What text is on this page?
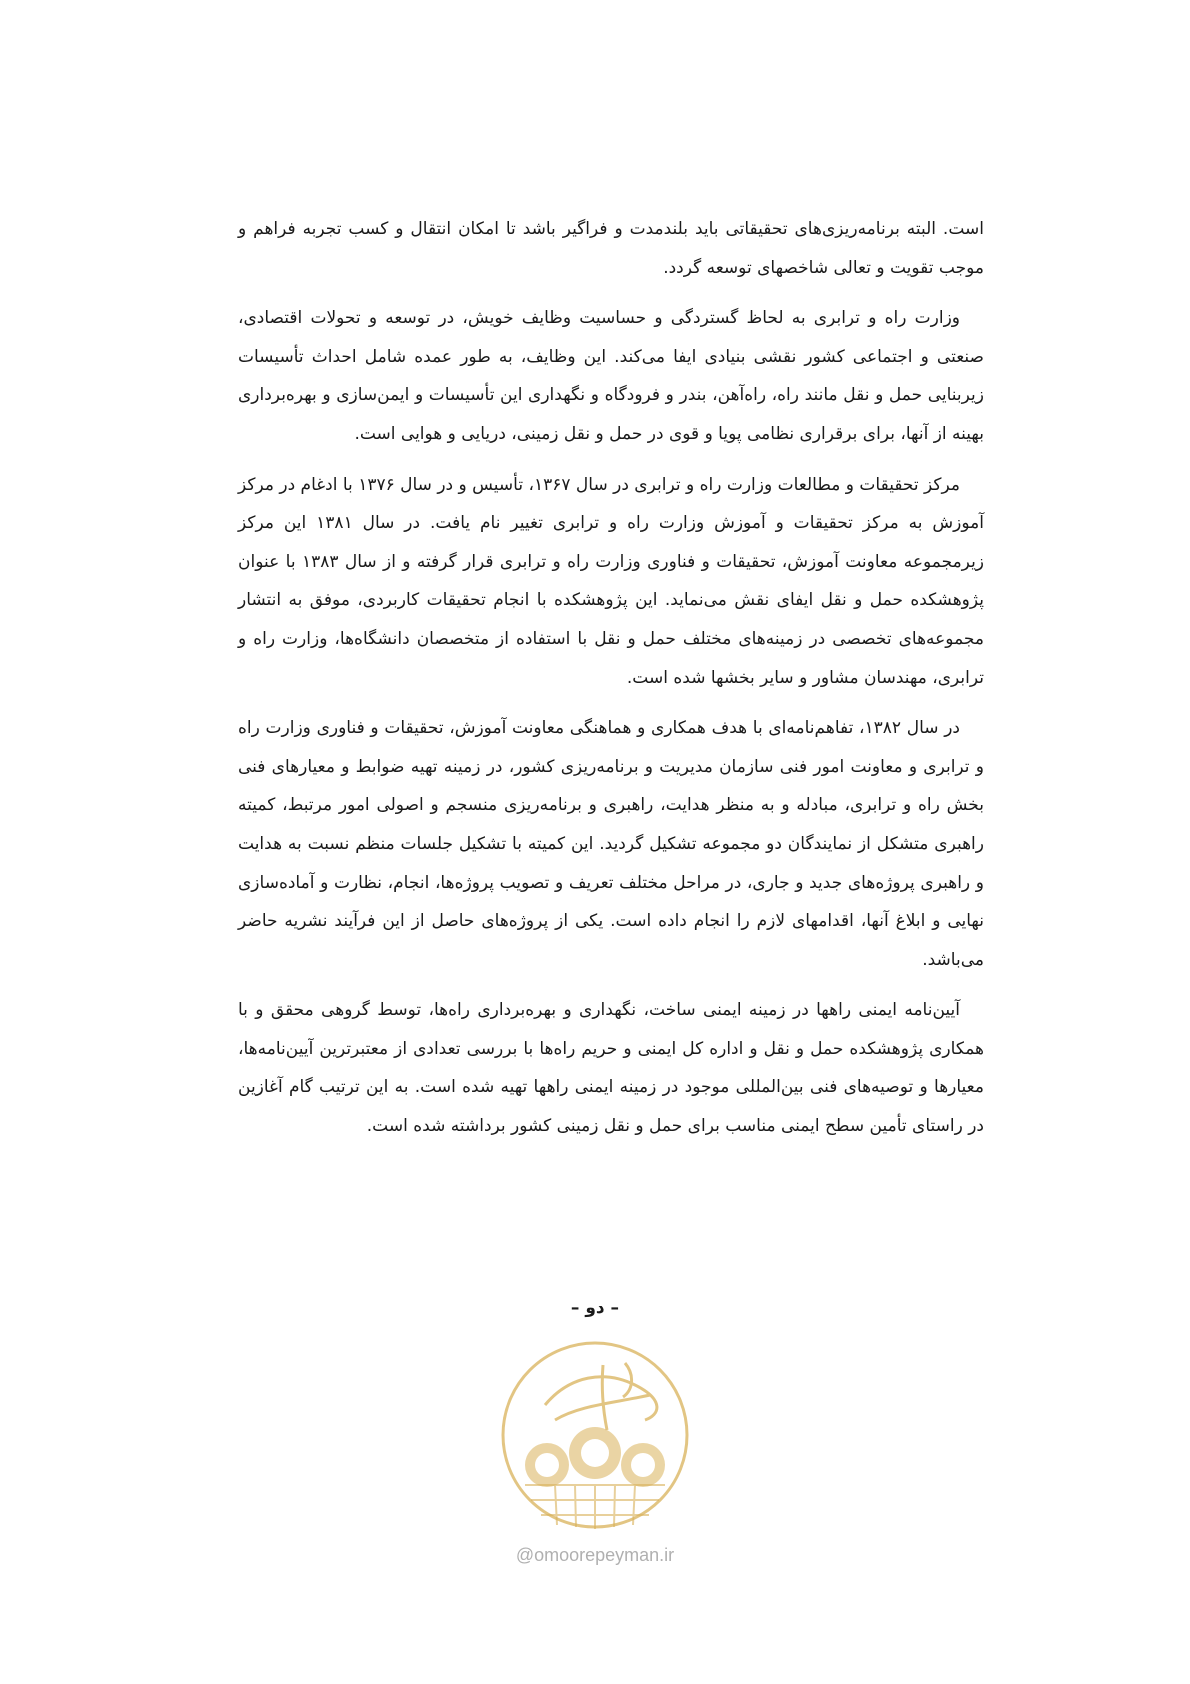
است. البته برنامه‌ریزی‌های تحقیقاتی باید بلندمدت و فراگیر باشد تا امکان انتقال و کسب تجربه فراهم و موجب تقویت و تعالی شاخصهای توسعه گردد.

وزارت راه و ترابری به لحاظ گستردگی و حساسیت وظایف خویش، در توسعه و تحولات اقتصادی، صنعتی و اجتماعی کشور نقشی بنیادی ایفا می‌کند. این وظایف، به طور عمده شامل احداث تأسیسات زیربنایی حمل و نقل مانند راه، راه‌آهن، بندر و فرودگاه و نگهداری این تأسیسات و ایمن‌سازی و بهره‌برداری بهینه از آنها، برای برقراری نظامی پویا و قوی در حمل و نقل زمینی، دریایی و هوایی است.

مرکز تحقیقات و مطالعات وزارت راه و ترابری در سال ۱۳۶۷، تأسیس و در سال ۱۳۷۶ با ادغام در مرکز آموزش به مرکز تحقیقات و آموزش وزارت راه و ترابری تغییر نام یافت. در سال ۱۳۸۱ این مرکز زیرمجموعه معاونت آموزش، تحقیقات و فناوری وزارت راه و ترابری قرار گرفته و از سال ۱۳۸۳ با عنوان پژوهشکده حمل و نقل ایفای نقش می‌نماید. این پژوهشکده با انجام تحقیقات کاربردی، موفق به انتشار مجموعه‌های تخصصی در زمینه‌های مختلف حمل و نقل با استفاده از متخصصان دانشگاه‌ها، وزارت راه و ترابری، مهندسان مشاور و سایر بخشها شده است.

در سال ۱۳۸۲، تفاهم‌نامه‌ای با هدف همکاری و هماهنگی معاونت آموزش، تحقیقات و فناوری وزارت راه و ترابری و معاونت امور فنی سازمان مدیریت و برنامه‌ریزی کشور، در زمینه تهیه ضوابط و معیارهای فنی بخش راه و ترابری، مبادله و به منظر هدایت، راهبری و برنامه‌ریزی منسجم و اصولی امور مرتبط، کمیته راهبری متشکل از نمایندگان دو مجموعه تشکیل گردید. این کمیته با تشکیل جلسات منظم نسبت به هدایت و راهبری پروژه‌های جدید و جاری، در مراحل مختلف تعریف و تصویب پروژه‌ها، انجام، نظارت و آماده‌سازی نهایی و ابلاغ آنها، اقدامهای لازم را انجام داده است. یکی از پروژه‌های حاصل از این فرآیند نشریه حاضر می‌باشد.

آیین‌نامه ایمنی راهها در زمینه ایمنی ساخت، نگهداری و بهره‌برداری راه‌ها، توسط گروهی محقق و با همکاری پژوهشکده حمل و نقل و اداره کل ایمنی و حریم راه‌ها با بررسی تعدادی از معتبرترین آیین‌نامه‌ها، معیارها و توصیه‌های فنی بین‌المللی موجود در زمینه ایمنی راهها تهیه شده است. به این ترتیب گام آغازین در راستای تأمین سطح ایمنی مناسب برای حمل و نقل زمینی کشور برداشته شده است.

– دو –
@omoorepeyman.ir
